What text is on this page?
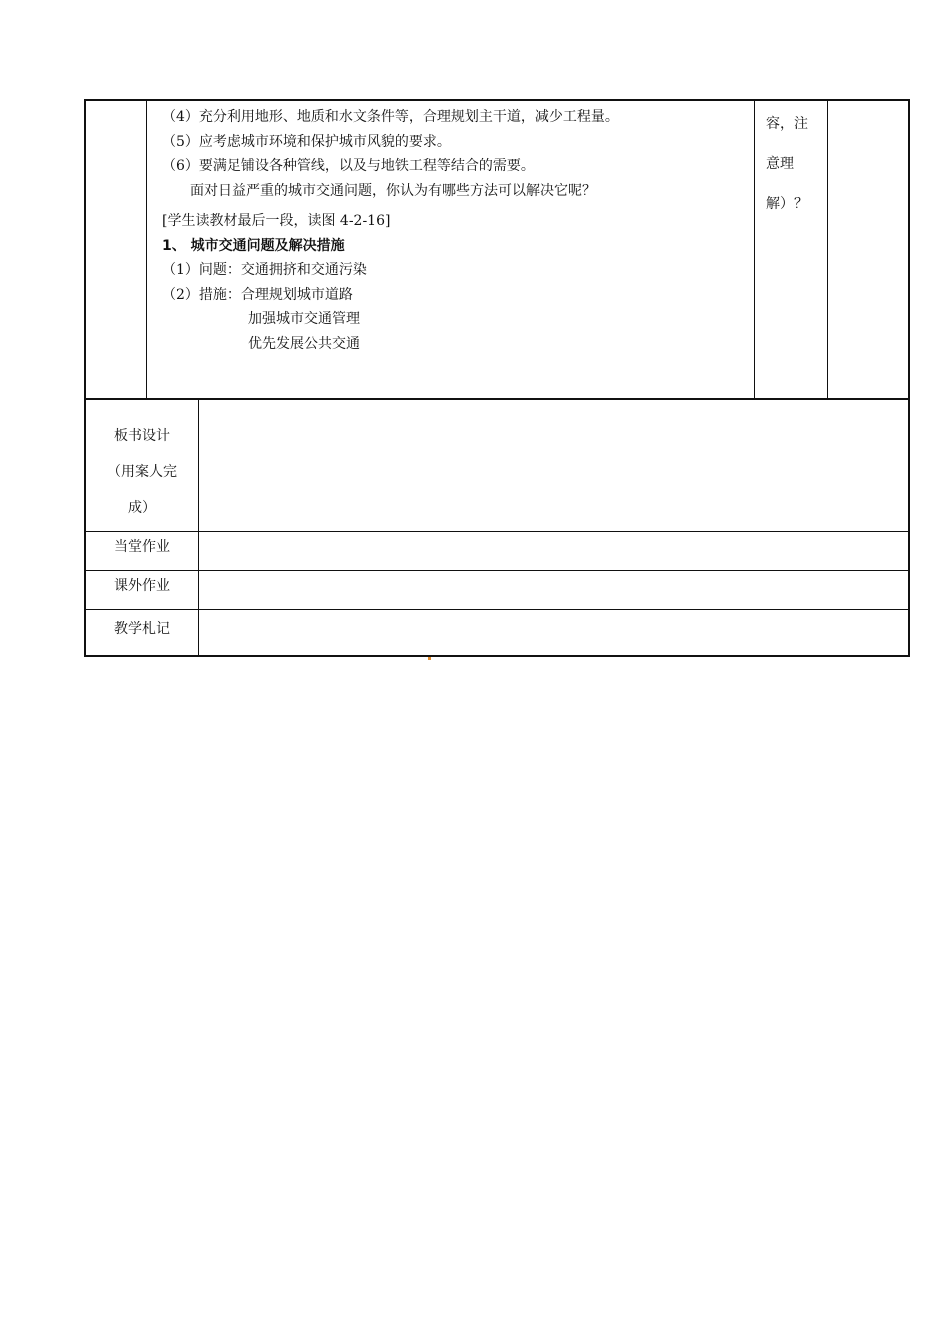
（4）充分利用地形、地质和水文条件等，合理规划主干道，减少工程量。
（5）应考虑城市环境和保护城市风貌的要求。
（6）要满足铺设各种管线，以及与地铁工程等结合的需要。
面对日益严重的城市交通问题，你认为有哪些方法可以解决它呢？
[学生读教材最后一段，读图 4-2-16]
1、 城市交通问题及解决措施
（1）问题：交通拥挤和交通污染
（2）措施：合理规划城市道路
加强城市交通管理
优先发展公共交通
容，注
意理
解）？
板书设计
（用案人完
成）
当堂作业
课外作业
教学札记
